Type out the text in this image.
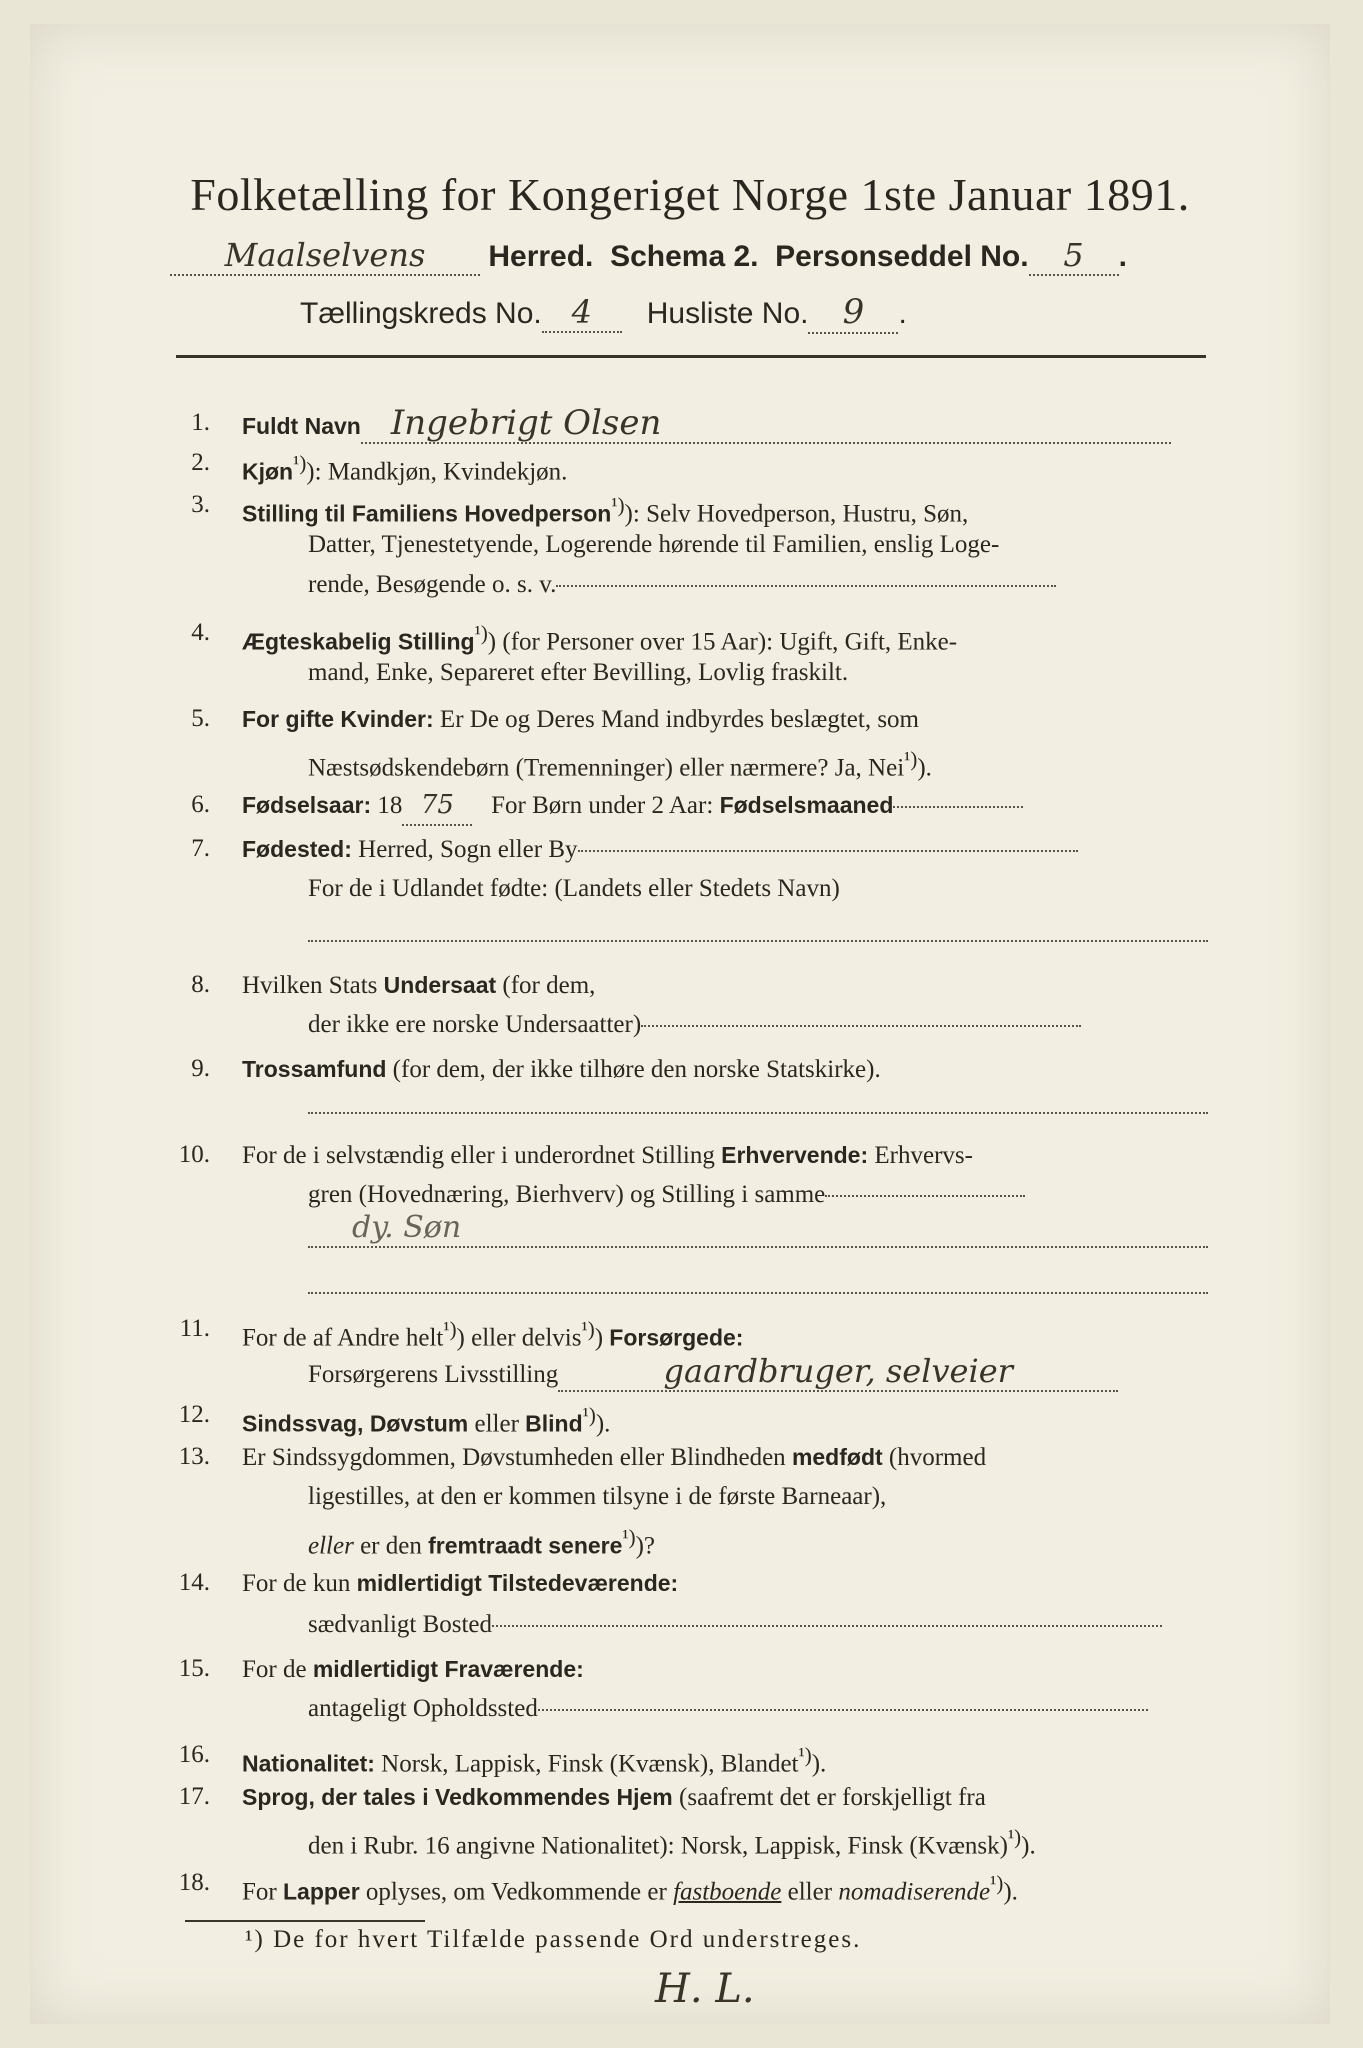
Folketælling for Kongeriget Norge 1ste Januar 1891.
Maalselvens Herred. Schema 2. Personseddel No. 5 .
Tællingskreds No. 4 Husliste No. 9 .
1. Fuldt Navn Ingebrigt Olsen
2. Kjøn$^{^1)}$): Mandkjøn, Kvindekjøn.
3. Stilling til Familiens Hovedperson$^{^1)}$): Selv Hovedperson, Hustru, Søn,
Datter, Tjenestetyende, Logerende hørende til Familien, enslig Loge-
rende, Besøgende o. s. v.
4. Ægteskabelig Stilling$^{^1)}$) (for Personer over 15 Aar): Ugift, Gift, Enke-
mand, Enke, Separeret efter Bevilling, Lovlig fraskilt.
5. For gifte Kvinder: Er De og Deres Mand indbyrdes beslægtet, som
Næstsødskendebørn (Tremenninger) eller nærmere? Ja, Nei$^{^1)}$).
6. Fødselsaar: 18 75 For Børn under 2 Aar: Fødselsmaaned
7. Fødested: Herred, Sogn eller By
For de i Udlandet fødte: (Landets eller Stedets Navn)
8. Hvilken Stats Undersaat (for dem,
der ikke ere norske Undersaatter)
9. Trossamfund (for dem, der ikke tilhøre den norske Statskirke).
10. For de i selvstændig eller i underordnet Stilling Erhvervende: Erhvervs-
gren (Hovednæring, Bierhverv) og Stilling i samme
dy. Søn
11. For de af Andre helt$^{^1)}$) eller delvis$^{^1)}$) Forsørgede:
Forsørgerens Livsstilling	gaardbruger, selveier
12. Sindssvag, Døvstum eller Blind$^{^1)}$).
13. Er Sindssygdommen, Døvstumheden eller Blindheden medfødt (hvormed
ligestilles, at den er kommen tilsyne i de første Barneaar),
eller er den fremtraadt senere$^{^1)}$)?
14. For de kun midlertidigt Tilstedeværende:
sædvanligt Bosted
15. For de midlertidigt Fraværende:
antageligt Opholdssted
16. Nationalitet: Norsk, Lappisk, Finsk (Kvænsk), Blandet$^{^1)}$).
17. Sprog, der tales i Vedkommendes Hjem (saafremt det er forskjelligt fra
den i Rubr. 16 angivne Nationalitet): Norsk, Lappisk, Finsk (Kvænsk)$^{^1)}$).
18. For Lapper oplyses, om Vedkommende er fastboende eller nomadiserende$^{^1)}$).
¹) De for hvert Tilfælde passende Ord understreges.
H. L.
